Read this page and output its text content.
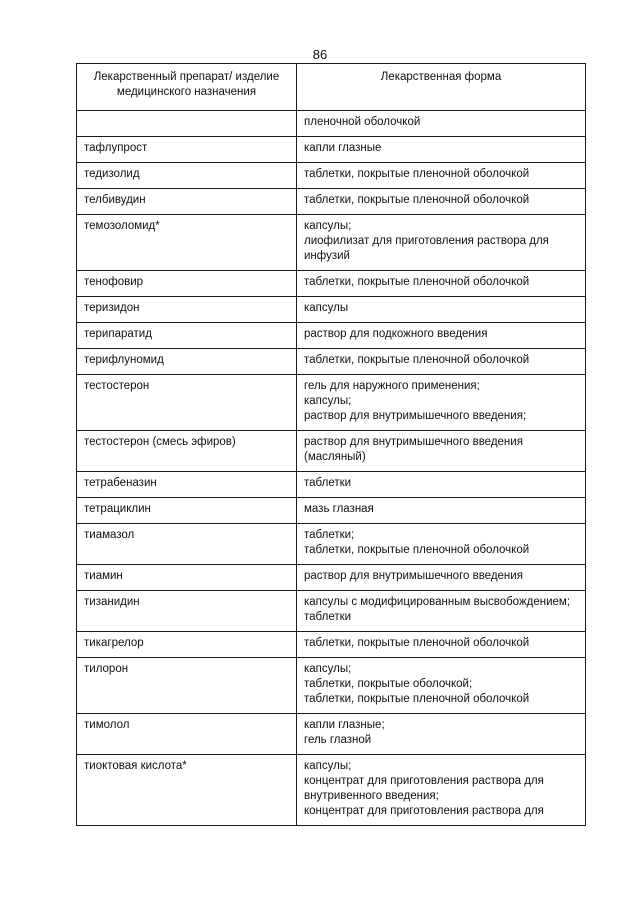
86
Лекарственный препарат/ изделие медицинского назначения	Лекарственная форма

	пленочной оболочкой

тафлупрост	капли глазные

тедизолид	таблетки, покрытые пленочной оболочкой

телбивудин	таблетки, покрытые пленочной оболочкой

темозоломид*	капсулы;
лиофилизат для приготовления раствора для инфузий

тенофовир	таблетки, покрытые пленочной оболочкой

теризидон	капсулы

терипаратид	раствор для подкожного введения

терифлуномид	таблетки, покрытые пленочной оболочкой

тестостерон	гель для наружного применения;
капсулы;
раствор для внутримышечного введения;

тестостерон (смесь эфиров)	раствор для внутримышечного введения (масляный)

тетрабеназин	таблетки

тетрациклин	мазь глазная

тиамазол	таблетки;
таблетки, покрытые пленочной оболочкой

тиамин	раствор для внутримышечного введения

тизанидин	капсулы с модифицированным высвобождением;
таблетки

тикагрелор	таблетки, покрытые пленочной оболочкой

тилорон	капсулы;
таблетки, покрытые оболочкой;
таблетки, покрытые пленочной оболочкой

тимолол	капли глазные;
гель глазной

тиоктовая кислота*	капсулы;
концентрат для приготовления раствора для внутривенного введения;
концентрат для приготовления раствора для
